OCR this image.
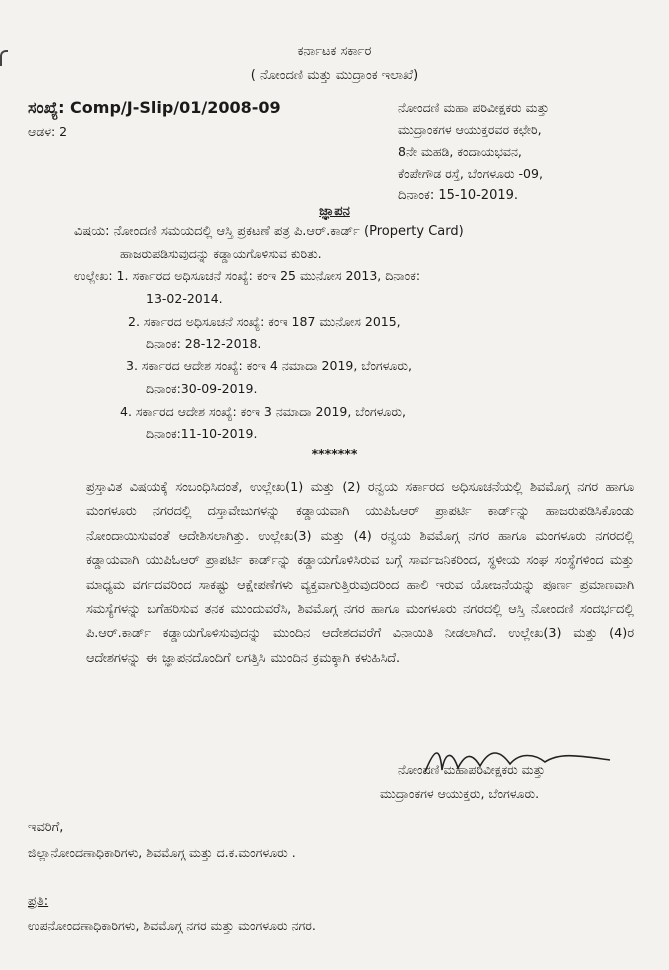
ಕರ್ನಾಟಕ ಸರ್ಕಾರ
( ನೋಂದಣಿ ಮತ್ತು ಮುದ್ರಾಂಕ ಇಲಾಖೆ)
ಸಂಖ್ಯೆ: Comp/J-Slip/01/2008-09
ಆಡಳ: 2
ನೋಂದಣಿ ಮಹಾ ಪರಿವೀಕ್ಷಕರು ಮತ್ತು
ಮುದ್ರಾಂಕಗಳ ಆಯುಕ್ತರವರ ಕಛೇರಿ,
8ನೇ ಮಹಡಿ, ಕಂದಾಯಭವನ,
ಕೆಂಪೇಗೌಡ ರಸ್ತೆ, ಬೆಂಗಳೂರು -09,
ದಿನಾಂಕ: 15-10-2019.
ಜ್ಞಾಪನ
ವಿಷಯ: ನೋಂದಣಿ ಸಮಯದಲ್ಲಿ ಆಸ್ತಿ ಪ್ರಕಟಣೆ ಪತ್ರ ಪಿ.ಆರ್.ಕಾರ್ಡ್ (Property Card)
ಹಾಜರುಪಡಿಸುವುದನ್ನು ಕಡ್ಡಾಯಗೊಳಿಸುವ ಕುರಿತು.
ಉಲ್ಲೇಖ: 1. ಸರ್ಕಾರದ ಅಧಿಸೂಚನೆ ಸಂಖ್ಯೆ: ಕಂಇ 25 ಮುನೋಸ 2013, ದಿನಾಂಕ:
13-02-2014.
2. ಸರ್ಕಾರದ ಅಧಿಸೂಚನೆ ಸಂಖ್ಯೆ: ಕಂಇ 187 ಮುನೋಸ 2015,
ದಿನಾಂಕ: 28-12-2018.
3. ಸರ್ಕಾರದ ಆದೇಶ ಸಂಖ್ಯೆ: ಕಂಇ 4 ನಮಾದಾ 2019, ಬೆಂಗಳೂರು,
ದಿನಾಂಕ:30-09-2019.
4. ಸರ್ಕಾರದ ಆದೇಶ ಸಂಖ್ಯೆ: ಕಂಇ 3 ನಮಾದಾ 2019, ಬೆಂಗಳೂರು,
ದಿನಾಂಕ:11-10-2019.
*******
ಪ್ರಸ್ತಾವಿತ ವಿಷಯಕ್ಕೆ ಸಂಬಂಧಿಸಿದಂತೆ, ಉಲ್ಲೇಖ(1) ಮತ್ತು (2) ರನ್ವಯ ಸರ್ಕಾರದ ಅಧಿಸೂಚನೆಯಲ್ಲಿ ಶಿವಮೊಗ್ಗ ನಗರ ಹಾಗೂ ಮಂಗಳೂರು ನಗರದಲ್ಲಿ ದಸ್ತಾವೇಜುಗಳನ್ನು ಕಡ್ಡಾಯವಾಗಿ ಯುಪಿಓಆರ್ ಪ್ರಾಪರ್ಟಿ ಕಾರ್ಡ್‌ನ್ನು ಹಾಜರುಪಡಿಸಿಕೊಂಡು ನೋಂದಾಯಿಸುವಂತೆ ಆದೇಶಿಸಲಾಗಿತ್ತು. ಉಲ್ಲೇಖ(3) ಮತ್ತು (4) ರನ್ವಯ ಶಿವಮೊಗ್ಗ ನಗರ ಹಾಗೂ ಮಂಗಳೂರು ನಗರದಲ್ಲಿ ಕಡ್ಡಾಯವಾಗಿ ಯುಪಿಓಆರ್ ಪ್ರಾಪರ್ಟಿ ಕಾರ್ಡ್‌ನ್ನು ಕಡ್ಡಾಯಗೊಳಿಸಿರುವ ಬಗ್ಗೆ ಸಾರ್ವಜನಿಕರಿಂದ, ಸ್ಥಳೀಯ ಸಂಘ ಸಂಸ್ಥೆಗಳಿಂದ ಮತ್ತು ಮಾಧ್ಯಮ ವರ್ಗದವರಿಂದ ಸಾಕಷ್ಟು ಆಕ್ಷೇಪಣೆಗಳು ವ್ಯಕ್ತವಾಗುತ್ತಿರುವುದರಿಂದ ಹಾಲಿ ಇರುವ ಯೋಜನೆಯನ್ನು ಪೂರ್ಣ ಪ್ರಮಾಣವಾಗಿ ಸಮಸ್ಯೆಗಳನ್ನು ಬಗೆಹರಿಸುವ ತನಕ ಮುಂದುವರೆಸಿ, ಶಿವಮೊಗ್ಗ ನಗರ ಹಾಗೂ ಮಂಗಳೂರು ನಗರದಲ್ಲಿ ಆಸ್ತಿ ನೋಂದಣಿ ಸಂದರ್ಭದಲ್ಲಿ ಪಿ.ಆರ್.ಕಾರ್ಡ್ ಕಡ್ಡಾಯಗೊಳಿಸುವುದನ್ನು ಮುಂದಿನ ಆದೇಶದವರೆಗೆ ವಿನಾಯಿತಿ ನೀಡಲಾಗಿದೆ. ಉಲ್ಲೇಖ(3) ಮತ್ತು (4)ರ ಆದೇಶಗಳನ್ನು ಈ ಜ್ಞಾಪನದೊಂದಿಗೆ ಲಗತ್ತಿಸಿ ಮುಂದಿನ ಕ್ರಮಕ್ಕಾಗಿ ಕಳುಹಿಸಿದೆ.
ನೋಂದಣಿ ಮಹಾಪರಿವೀಕ್ಷಕರು ಮತ್ತು
ಮುದ್ರಾಂಕಗಳ ಆಯುಕ್ತರು, ಬೆಂಗಳೂರು.
ಇವರಿಗೆ,
ಜಿಲ್ಲಾನೋಂದಣಾಧಿಕಾರಿಗಳು, ಶಿವಮೊಗ್ಗ ಮತ್ತು ದ.ಕ.ಮಂಗಳೂರು .
ಪ್ರತಿ:
ಉಪನೋಂದಣಾಧಿಕಾರಿಗಳು, ಶಿವಮೊಗ್ಗ ನಗರ ಮತ್ತು ಮಂಗಳೂರು ನಗರ.
